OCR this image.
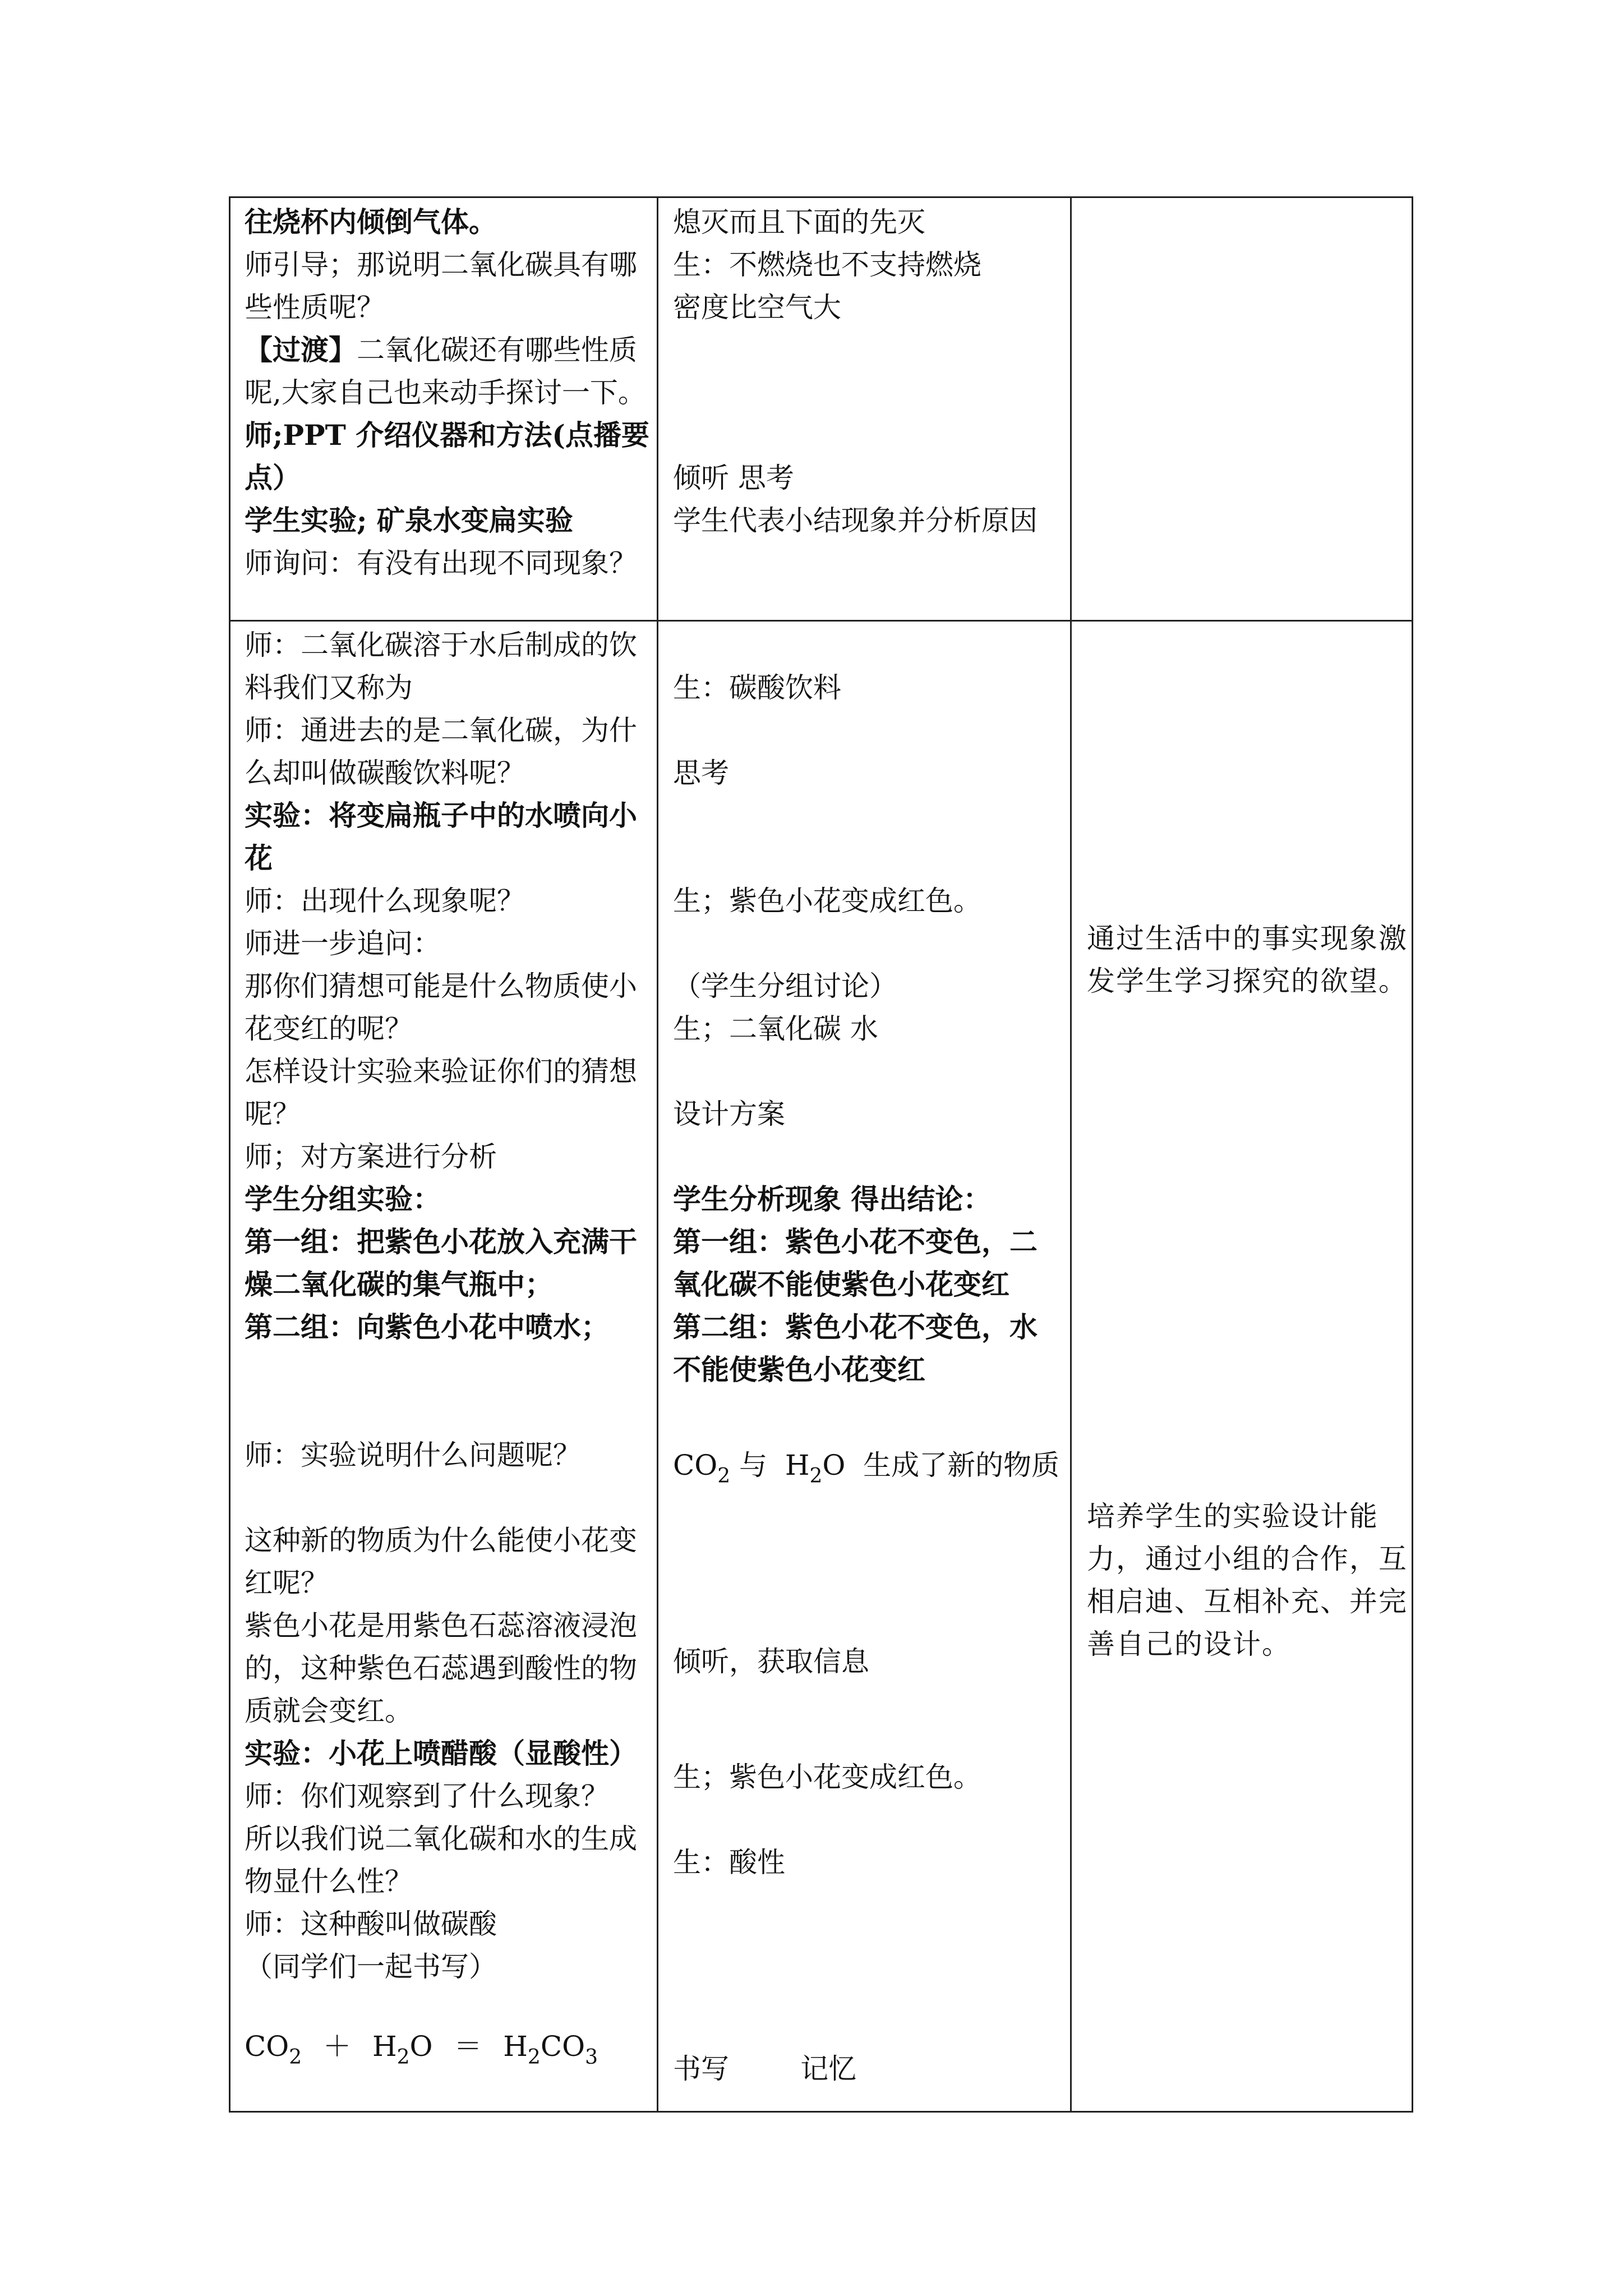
往烧杯内倾倒气体。
师引导；那说明二氧化碳具有哪
些性质呢？
【过渡】二氧化碳还有哪些性质
呢,大家自己也来动手探讨一下。
师;PPT 介绍仪器和方法(点播要
点）
学生实验; 矿泉水变扁实验
师询问：有没有出现不同现象？
熄灭而且下面的先灭
生：不燃烧也不支持燃烧
密度比空气大
倾听 思考
学生代表小结现象并分析原因
师：二氧化碳溶于水后制成的饮
料我们又称为
师：通进去的是二氧化碳，为什
么却叫做碳酸饮料呢？
实验：将变扁瓶子中的水喷向小
花
师：出现什么现象呢？
师进一步追问：
那你们猜想可能是什么物质使小
花变红的呢？
怎样设计实验来验证你们的猜想
呢？
师；对方案进行分析
学生分组实验：
第一组：把紫色小花放入充满干
燥二氧化碳的集气瓶中；
第二组：向紫色小花中喷水；
师：实验说明什么问题呢？
这种新的物质为什么能使小花变
红呢？
紫色小花是用紫色石蕊溶液浸泡
的，这种紫色石蕊遇到酸性的物
质就会变红。
实验：小花上喷醋酸（显酸性）
师：你们观察到了什么现象？
所以我们说二氧化碳和水的生成
物显什么性？
师：这种酸叫做碳酸
（同学们一起书写）
$CO_2 + H_2O = H_2CO_3$
生：碳酸饮料
思考
生；紫色小花变成红色。
（学生分组讨论）
生；二氧化碳 水
设计方案
学生分析现象 得出结论：
第一组：紫色小花不变色，二
氧化碳不能使紫色小花变红
第二组：紫色小花不变色，水
不能使紫色小花变红
$CO_2$ 与  $H_2O$  生成了新的物质
倾听，获取信息
生；紫色小花变成红色。
生：酸性
书写        记忆
通过生活中的事实现象激发学生学习探究的欲望。
培养学生的实验设计能力，通过小组的合作，互相启迪、互相补充、并完善自己的设计。
